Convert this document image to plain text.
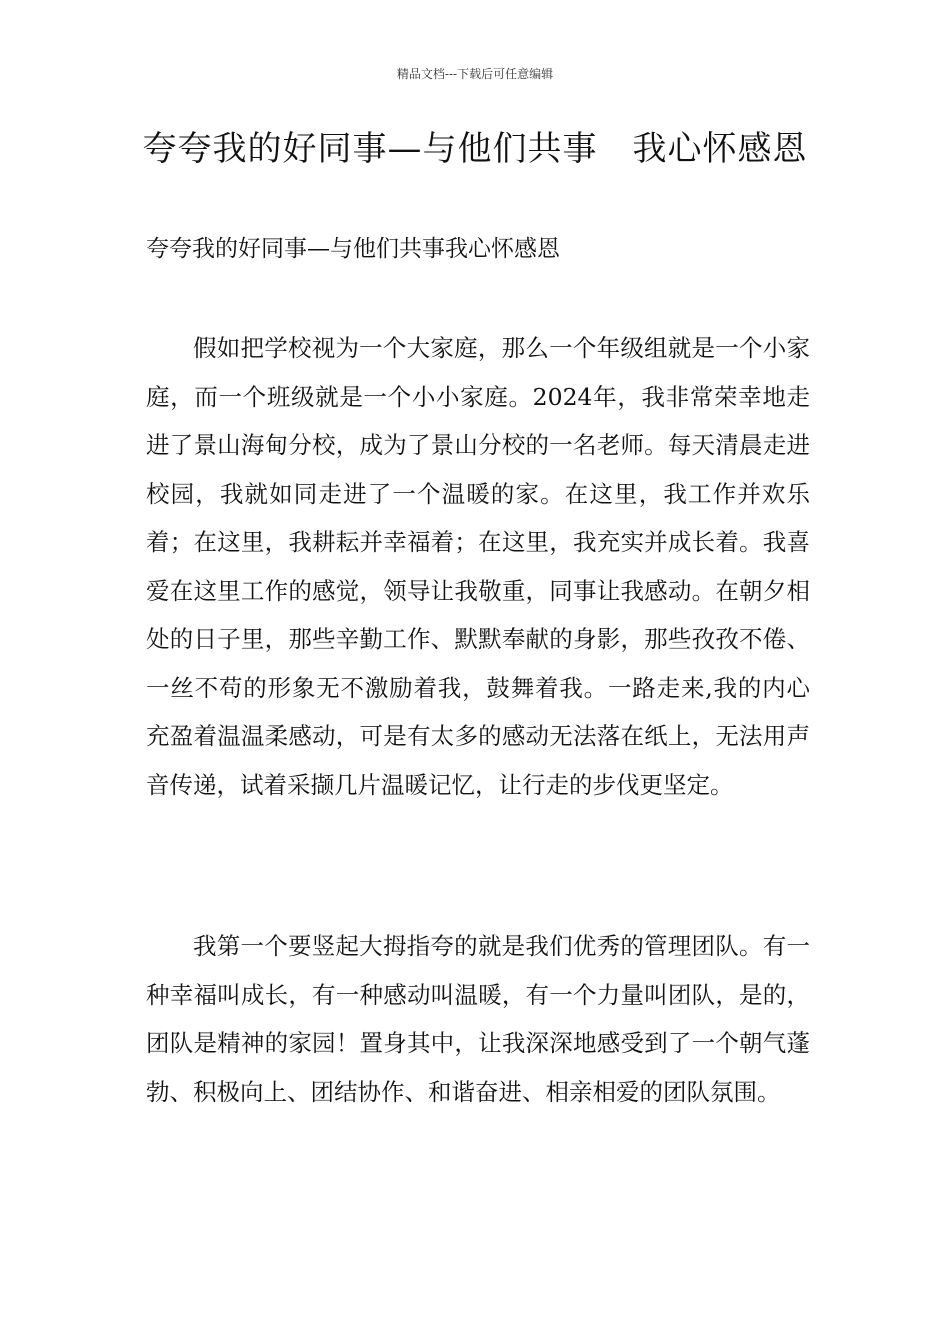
精品文档---下载后可任意编辑
夸夸我的好同事—与他们共事　我心怀感恩
夸夸我的好同事—与他们共事我心怀感恩

假如把学校视为一个大家庭，那么一个年级组就是一个小家庭，而一个班级就是一个小小家庭。2024年，我非常荣幸地走进了景山海甸分校，成为了景山分校的一名老师。每天清晨走进校园，我就如同走进了一个温暖的家。在这里，我工作并欢乐着；在这里，我耕耘并幸福着；在这里，我充实并成长着。我喜爱在这里工作的感觉，领导让我敬重，同事让我感动。在朝夕相处的日子里，那些辛勤工作、默默奉献的身影，那些孜孜不倦、一丝不苟的形象无不激励着我，鼓舞着我。一路走来,我的内心充盈着温温柔感动，可是有太多的感动无法落在纸上，无法用声音传递，试着采撷几片温暖记忆，让行走的步伐更坚定。

我第一个要竖起大拇指夸的就是我们优秀的管理团队。有一种幸福叫成长，有一种感动叫温暖，有一个力量叫团队，是的，团队是精神的家园！置身其中，让我深深地感受到了一个朝气蓬勃、积极向上、团结协作、和谐奋进、相亲相爱的团队氛围。
